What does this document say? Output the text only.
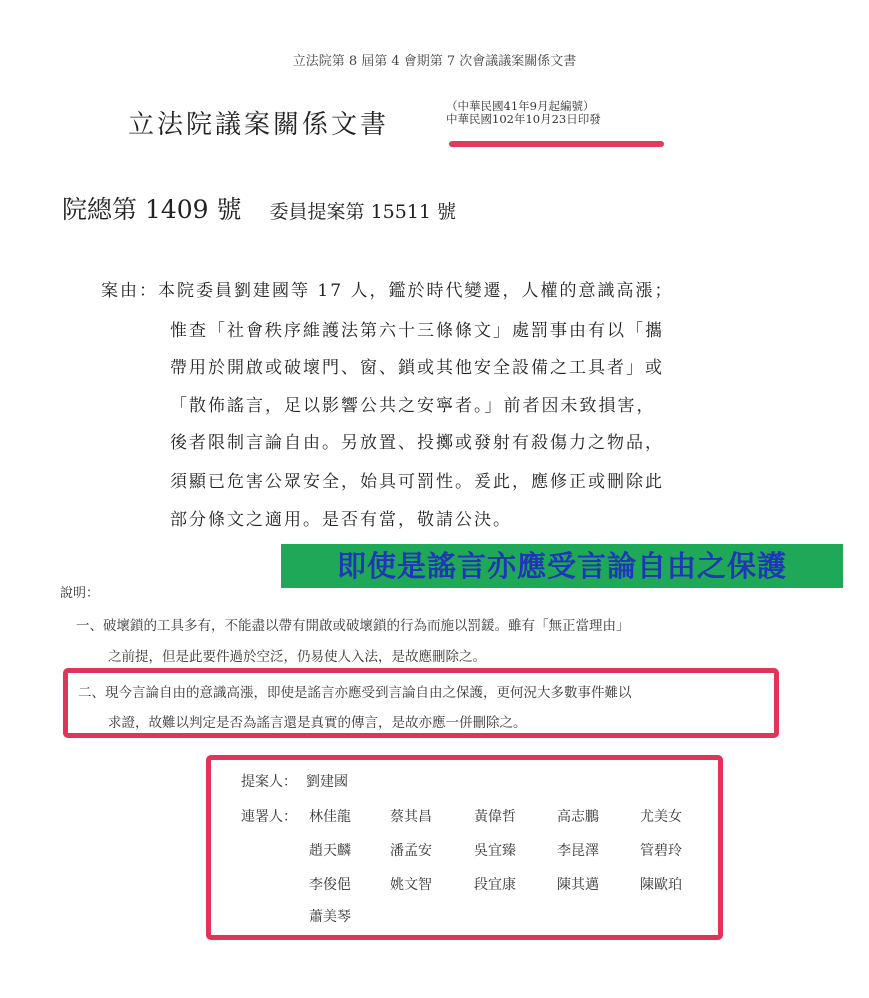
立法院第 8 屆第 4 會期第 7 次會議議案關係文書
立法院議案關係文書
（中華民國41年9月起編號）
中華民國102年10月23日印發
院總第 1409 號 委員提案第 15511 號
案由：本院委員劉建國等 17 人，鑑於時代變遷，人權的意識高漲；
惟查「社會秩序維護法第六十三條條文」處罰事由有以「攜
帶用於開啟或破壞門、窗、鎖或其他安全設備之工具者」或
「散佈謠言，足以影響公共之安寧者。」前者因未致損害，
後者限制言論自由。另放置、投擲或發射有殺傷力之物品，
須顯已危害公眾安全，始具可罰性。爰此，應修正或刪除此
部分條文之適用。是否有當，敬請公決。
即使是謠言亦應受言論自由之保護
說明：
一、破壞鎖的工具多有，不能盡以帶有開啟或破壞鎖的行為而施以罰鍰。雖有「無正當理由」
之前提，但是此要件過於空泛，仍易使人入法，是故應刪除之。
二、現今言論自由的意識高漲，即使是謠言亦應受到言論自由之保護，更何況大多數事件難以
求證，故難以判定是否為謠言還是真實的傳言，是故亦應一併刪除之。
提案人： 劉建國
連署人： 林佳龍	蔡其昌	黃偉哲	高志鵬	尤美女
趙天麟	潘孟安	吳宜臻	李昆澤	管碧玲
李俊俋	姚文智	段宜康	陳其邁	陳歐珀
蕭美琴
